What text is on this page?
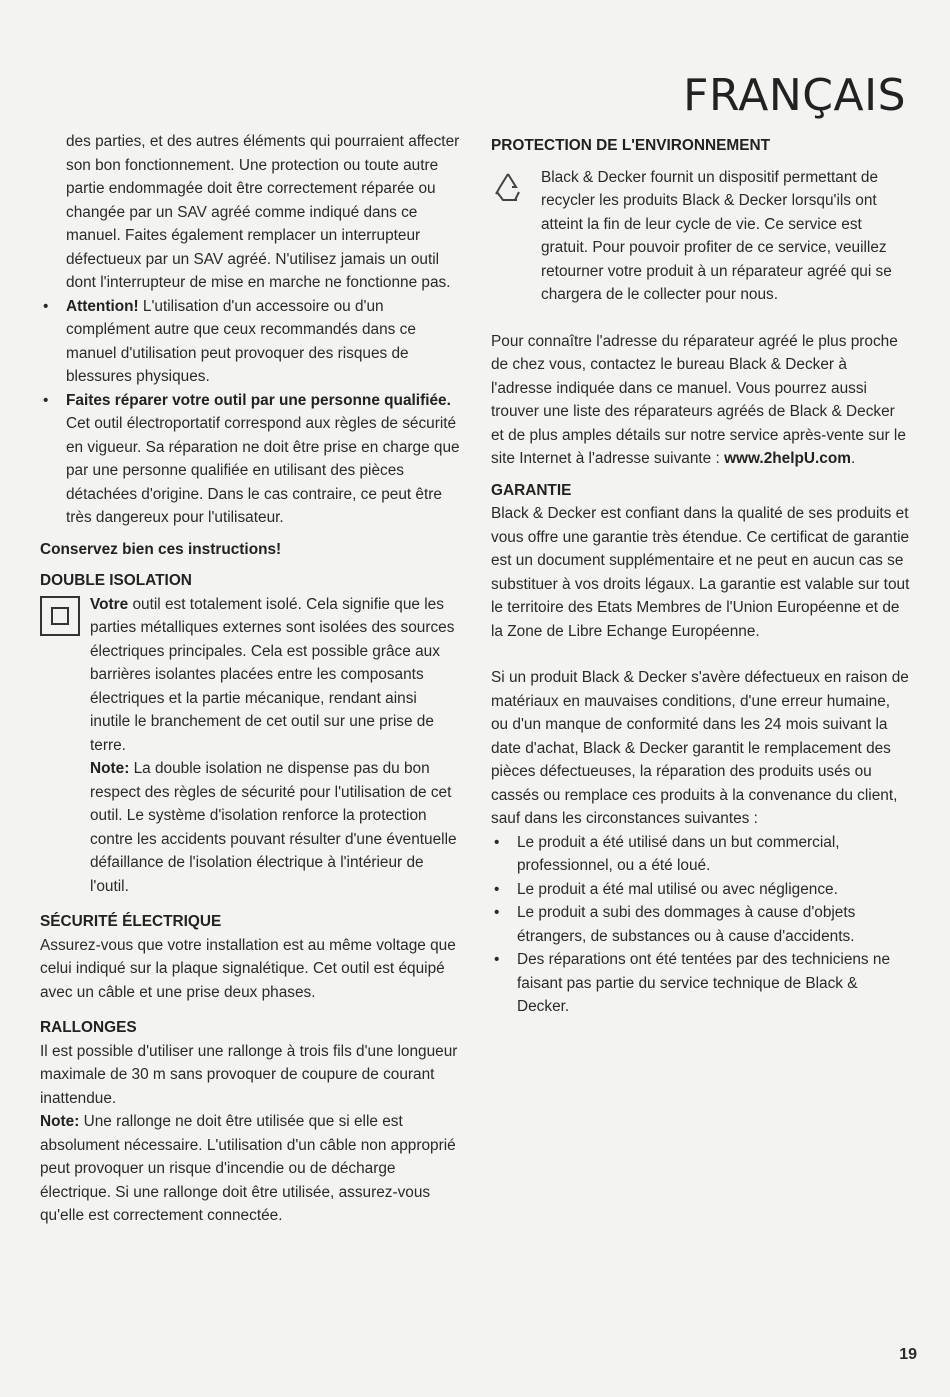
FRANÇAIS

des parties, et des autres éléments qui pourraient affecter son bon fonctionnement. Une protection ou toute autre partie endommagée doit être correctement réparée ou changée par un SAV agréé comme indiqué dans ce manuel. Faites également remplacer un interrupteur défectueux par un SAV agréé. N'utilisez jamais un outil dont l'interrupteur de mise en marche ne fonctionne pas.

• Attention! L'utilisation d'un accessoire ou d'un complément autre que ceux recommandés dans ce manuel d'utilisation peut provoquer des risques de blessures physiques.
• Faites réparer votre outil par une personne qualifiée. Cet outil électroportatif correspond aux règles de sécurité en vigueur. Sa réparation ne doit être prise en charge que par une personne qualifiée en utilisant des pièces détachées d'origine. Dans le cas contraire, ce peut être très dangereux pour l'utilisateur.

Conservez bien ces instructions!

DOUBLE ISOLATION

Votre outil est totalement isolé. Cela signifie que les parties métalliques externes sont isolées des sources électriques principales. Cela est possible grâce aux barrières isolantes placées entre les composants électriques et la partie mécanique, rendant ainsi inutile le branchement de cet outil sur une prise de terre.

Note: La double isolation ne dispense pas du bon respect des règles de sécurité pour l'utilisation de cet outil. Le système d'isolation renforce la protection contre les accidents pouvant résulter d'une éventuelle défaillance de l'isolation électrique à l'intérieur de l'outil.

SÉCURITÉ ÉLECTRIQUE

Assurez-vous que votre installation est au même voltage que celui indiqué sur la plaque signalétique. Cet outil est équipé avec un câble et une prise deux phases.

RALLONGES

Il est possible d'utiliser une rallonge à trois fils d'une longueur maximale de 30 m sans provoquer de coupure de courant inattendue.

Note: Une rallonge ne doit être utilisée que si elle est absolument nécessaire. L'utilisation d'un câble non approprié peut provoquer un risque d'incendie ou de décharge électrique. Si une rallonge doit être utilisée, assurez-vous qu'elle est correctement connectée.

PROTECTION DE L'ENVIRONNEMENT

Black & Decker fournit un dispositif permettant de recycler les produits Black & Decker lorsqu'ils ont atteint la fin de leur cycle de vie. Ce service est gratuit. Pour pouvoir profiter de ce service, veuillez retourner votre produit à un réparateur agréé qui se chargera de le collecter pour nous.

Pour connaître l'adresse du réparateur agréé le plus proche de chez vous, contactez le bureau Black & Decker à l'adresse indiquée dans ce manuel. Vous pourrez aussi trouver une liste des réparateurs agréés de Black & Decker et de plus amples détails sur notre service après-vente sur le site Internet à l'adresse suivante : www.2helpU.com.

GARANTIE

Black & Decker est confiant dans la qualité de ses produits et vous offre une garantie très étendue. Ce certificat de garantie est un document supplémentaire et ne peut en aucun cas se substituer à vos droits légaux. La garantie est valable sur tout le territoire des Etats Membres de l'Union Européenne et de la Zone de Libre Echange Européenne.

Si un produit Black & Decker s'avère défectueux en raison de matériaux en mauvaises conditions, d'une erreur humaine, ou d'un manque de conformité dans les 24 mois suivant la date d'achat, Black & Decker garantit le remplacement des pièces défectueuses, la réparation des produits usés ou cassés ou remplace ces produits à la convenance du client, sauf dans les circonstances suivantes :

• Le produit a été utilisé dans un but commercial, professionnel, ou a été loué.
• Le produit a été mal utilisé ou avec négligence.
• Le produit a subi des dommages à cause d'objets étrangers, de substances ou à cause d'accidents.
• Des réparations ont été tentées par des techniciens ne faisant pas partie du service technique de Black & Decker.
19
